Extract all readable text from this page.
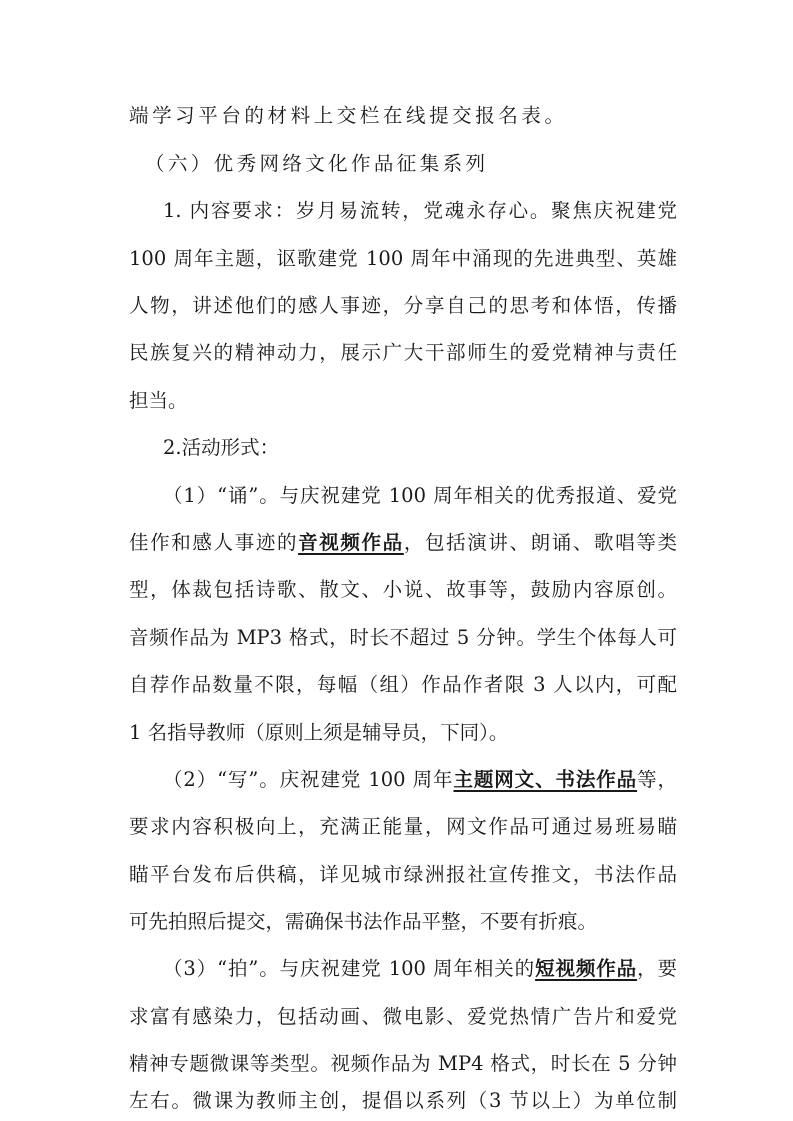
端学习平台的材料上交栏在线提交报名表。
（六）优秀网络文化作品征集系列
1. 内容要求：岁月易流转，党魂永存心。聚焦庆祝建党
100 周年主题，讴歌建党 100 周年中涌现的先进典型、英雄
人物，讲述他们的感人事迹，分享自己的思考和体悟，传播
民族复兴的精神动力，展示广大干部师生的爱党精神与责任
担当。
2.活动形式：
（1）“诵”。与庆祝建党 100 周年相关的优秀报道、爱党
佳作和感人事迹的音视频作品，包括演讲、朗诵、歌唱等类
型，体裁包括诗歌、散文、小说、故事等，鼓励内容原创。
音频作品为 MP3 格式，时长不超过 5 分钟。学生个体每人可
自荐作品数量不限，每幅（组）作品作者限 3 人以内，可配
1 名指导教师（原则上须是辅导员，下同）。
（2）“写”。庆祝建党 100 周年主题网文、书法作品等，
要求内容积极向上，充满正能量，网文作品可通过易班易瞄
瞄平台发布后供稿，详见城市绿洲报社宣传推文，书法作品
可先拍照后提交，需确保书法作品平整，不要有折痕。
（3）“拍”。与庆祝建党 100 周年相关的短视频作品，要
求富有感染力，包括动画、微电影、爱党热情广告片和爱党
精神专题微课等类型。视频作品为 MP4 格式，时长在 5 分钟
左右。微课为教师主创，提倡以系列（3 节以上）为单位制
